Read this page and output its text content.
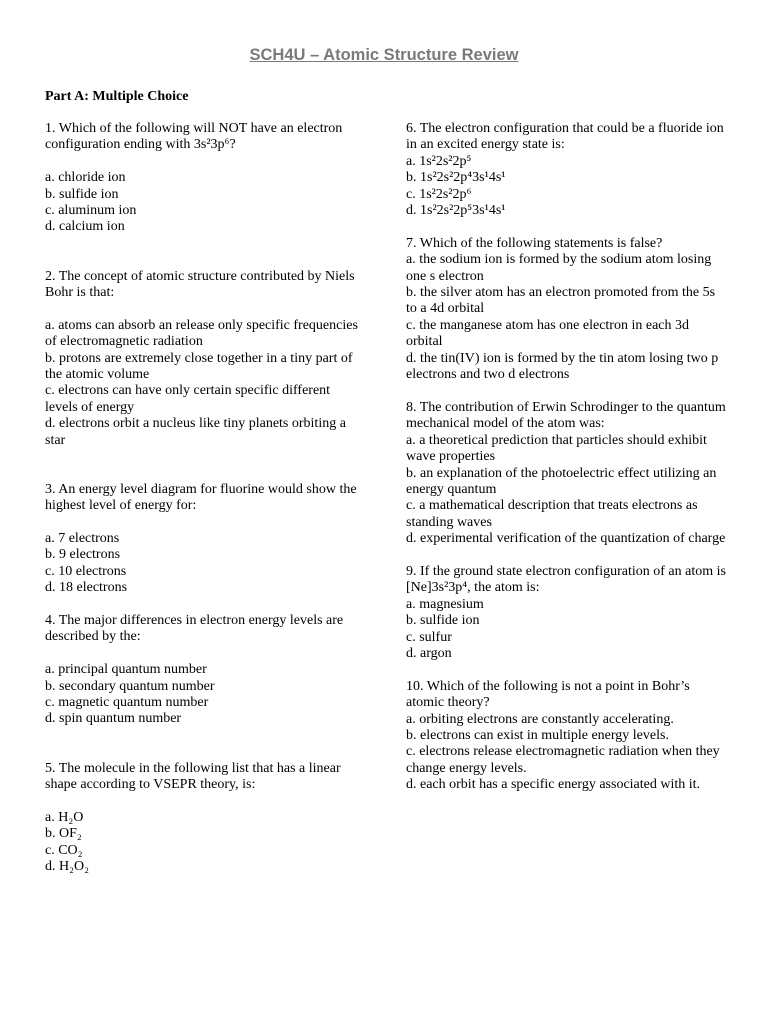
SCH4U – Atomic Structure Review
Part A: Multiple Choice

1. Which of the following will NOT have an electron configuration ending with 3s²3p⁶?

a. chloride ion

b. sulfide ion

c. aluminum ion

d. calcium ion

2. The concept of atomic structure contributed by Niels Bohr is that:

a. atoms can absorb an release only specific frequencies of electromagnetic radiation

b. protons are extremely close together in a tiny part of the atomic volume

c. electrons can have only certain specific different levels of energy

d. electrons orbit a nucleus like tiny planets orbiting a star

3. An energy level diagram for fluorine would show the highest level of energy for:

a. 7 electrons

b. 9 electrons

c. 10 electrons

d. 18 electrons

4. The major differences in electron energy levels are described by the:

a. principal quantum number

b. secondary quantum number

c. magnetic quantum number

d. spin quantum number

5. The molecule in the following list that has a linear shape according to VSEPR theory, is:

a. H₂O

b. OF₂

c. CO₂

d. H₂O₂

6. The electron configuration that could be a fluoride ion in an excited energy state is:

a. 1s²2s²2p⁵

b. 1s²2s²2p⁴3s¹4s¹

c. 1s²2s²2p⁶

d. 1s²2s²2p⁵3s¹4s¹

7. Which of the following statements is false?

a. the sodium ion is formed by the sodium atom losing one s electron

b. the silver atom has an electron promoted from the 5s to a 4d orbital

c. the manganese atom has one electron in each 3d orbital

d. the tin(IV) ion is formed by the tin atom losing two p electrons and two d electrons

8. The contribution of Erwin Schrodinger to the quantum mechanical model of the atom was:

a. a theoretical prediction that particles should exhibit wave properties

b. an explanation of the photoelectric effect utilizing an energy quantum

c. a mathematical description that treats electrons as standing waves

d. experimental verification of the quantization of charge

9. If the ground state electron configuration of an atom is [Ne]3s²3p⁴, the atom is:

a. magnesium

b. sulfide ion

c. sulfur

d. argon

10. Which of the following is not a point in Bohr’s atomic theory?

a. orbiting electrons are constantly accelerating.

b. electrons can exist in multiple energy levels.

c. electrons release electromagnetic radiation when they change energy levels.

d. each orbit has a specific energy associated with it.
